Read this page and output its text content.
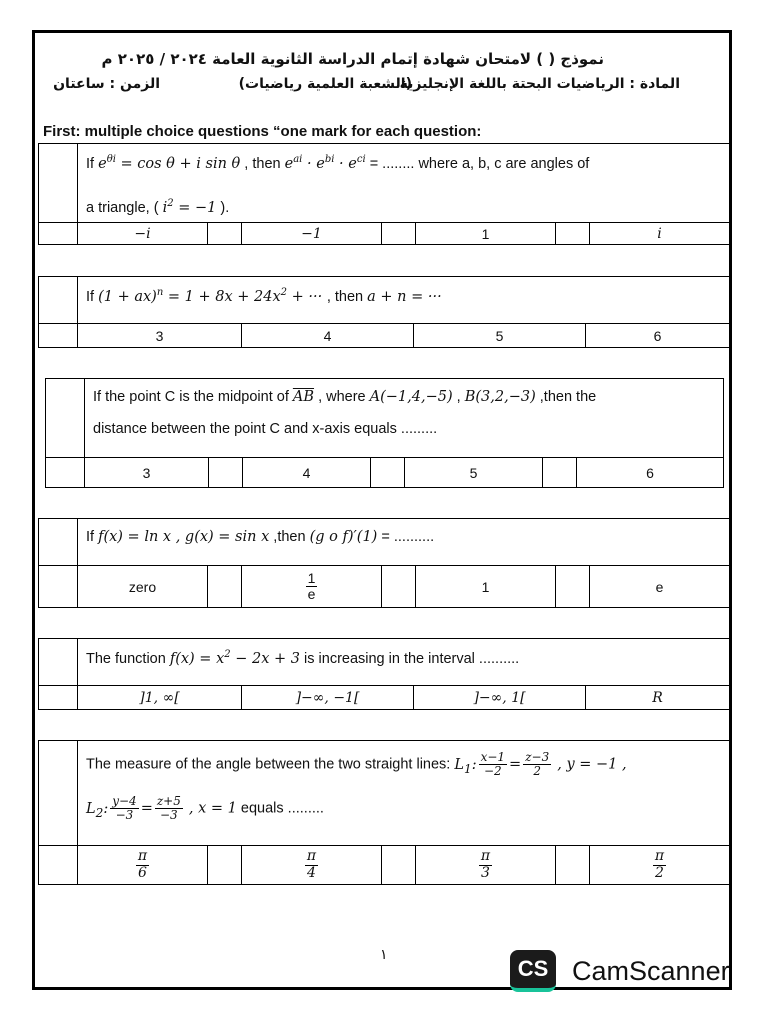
نموذج ( ) لامتحان شهادة إتمام الدراسة الثانوية العامة ٢٠٢٤ / ٢٠٢٥ م
المادة : الرياضيات البحتة باللغة الإنجليزية
(الشعبة العلمية رياضيات)
الزمن : ساعتان
First: multiple choice questions “one mark for each question:
If $e^{\theta i} = \cos \theta + i$ sin θ , then $e^{ai} \cdot e^{bi} \cdot e^{ci}$ = ........ where a, b, c are angles of
a triangle, ( $i^2 = -1$ ).
−i	−1	1	i
If $(1 + ax)^n = 1 + 8x + 24x^2$ + ··· , then a + n = ···
3	4	5	6
If the point C is the midpoint of $\overline{AB}$ , where A(−1,4,−5) , B(3,2,−3) ,then the
distance between the point C and x-axis equals .........
3	4	5	6
If f(x) = ln x , g(x) = sin x ,then (g o f)′(1) = ..........
zero	$\frac{1}{e}$	1	e
The function $f(x) = x^2 - 2x + 3$ is increasing in the interval ..........
]1, ∞[	]−∞, −1[	]−∞, 1[	R
The measure of the angle between the two straight lines: $L_1$: $\frac{x-1}{-2} = \frac{z-3}{2}$ , y = −1 ,
$L_2$: $\frac{y-4}{-3} = \frac{z+5}{-3}$ , x = 1 equals .........
$\frac{\pi}{6}$	$\frac{\pi}{4}$	$\frac{\pi}{3}$	$\frac{\pi}{2}$
١
CS CamScanner
